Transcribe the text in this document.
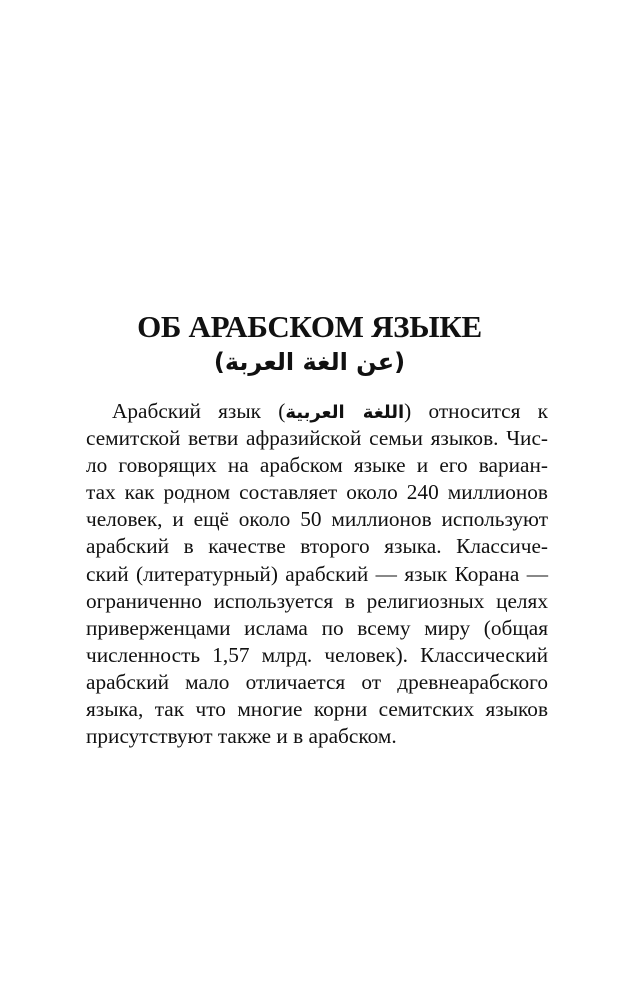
ОБ АРАБСКОМ ЯЗЫКЕ

(عن الغة العربة)

Арабский язык (اللغة العربية) относится к
семитской ветви афразийской семьи языков. Чис-
ло говорящих на арабском языке и его вариан-
тах как родном составляет около 240 миллионов
человек, и ещё около 50 миллионов используют
арабский в качестве второго языка. Классиче-
ский (литературный) арабский — язык Корана —
ограниченно используется в религиозных целях
приверженцами ислама по всему миру (общая
численность 1,57 млрд. человек). Классический
арабский мало отличается от древнеарабского
языка, так что многие корни семитских языков
присутствуют также и в арабском.
